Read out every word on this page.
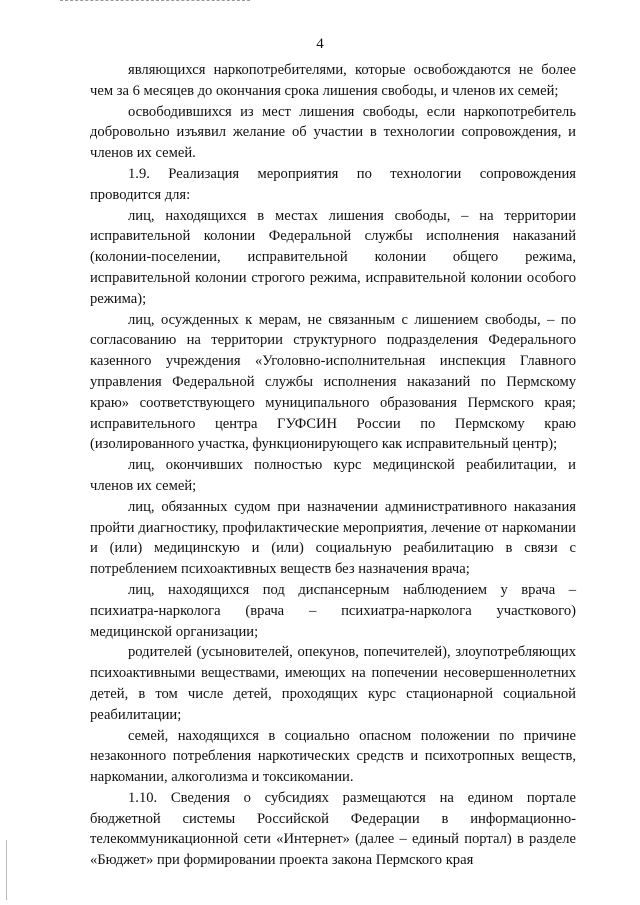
4

являющихся наркопотребителями, которые освобождаются не более чем за 6 месяцев до окончания срока лишения свободы, и членов их семей;

освободившихся из мест лишения свободы, если наркопотребитель добровольно изъявил желание об участии в технологии сопровождения, и членов их семей.

1.9. Реализация мероприятия по технологии сопровождения проводится для:

лиц, находящихся в местах лишения свободы, – на территории исправительной колонии Федеральной службы исполнения наказаний (колонии-поселении, исправительной колонии общего режима, исправительной колонии строгого режима, исправительной колонии особого режима);

лиц, осужденных к мерам, не связанным с лишением свободы, – по согласованию на территории структурного подразделения Федерального казенного учреждения «Уголовно-исполнительная инспекция Главного управления Федеральной службы исполнения наказаний по Пермскому краю» соответствующего муниципального образования Пермского края; исправительного центра ГУФСИН России по Пермскому краю (изолированного участка, функционирующего как исправительный центр);

лиц, окончивших полностью курс медицинской реабилитации, и членов их семей;

лиц, обязанных судом при назначении административного наказания пройти диагностику, профилактические мероприятия, лечение от наркомании и (или) медицинскую и (или) социальную реабилитацию в связи с потреблением психоактивных веществ без назначения врача;

лиц, находящихся под диспансерным наблюдением у врача – психиатра-нарколога (врача – психиатра-нарколога участкового) медицинской организации;

родителей (усыновителей, опекунов, попечителей), злоупотребляющих психоактивными веществами, имеющих на попечении несовершеннолетних детей, в том числе детей, проходящих курс стационарной социальной реабилитации;

семей, находящихся в социально опасном положении по причине незаконного потребления наркотических средств и психотропных веществ, наркомании, алкоголизма и токсикомании.

1.10. Сведения о субсидиях размещаются на едином портале бюджетной системы Российской Федерации в информационно-телекоммуникационной сети «Интернет» (далее – единый портал) в разделе «Бюджет» при формировании проекта закона Пермского края
